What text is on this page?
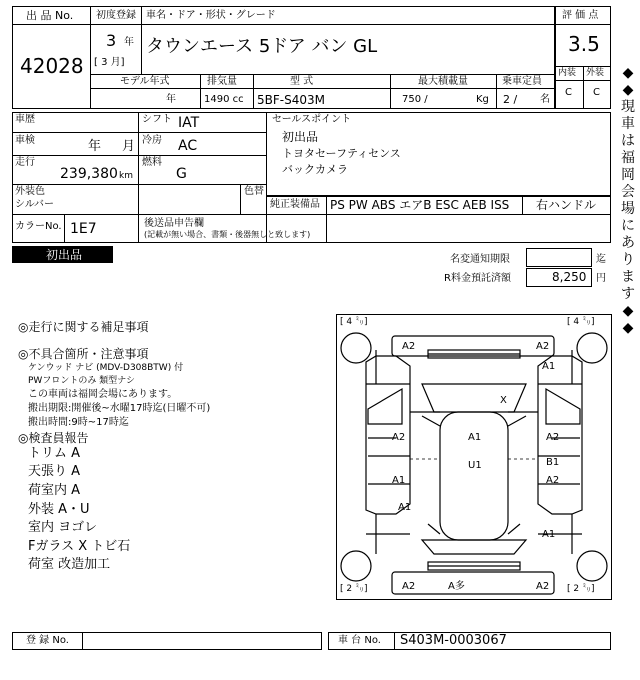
出 品 No.
42028
初度登録
3 年
[ 3 月]
車名・ドア・形状・グレード
タウンエース 5ドア バン GL
モデル年式
年
排気量
1490 cc
型 式
5BF-S403M
最大積載量
750 /	Kg
乗車定員
2 / 名
評 価 点
3.5
内装 外装
C C
◆◆ 現車は福岡会場にあります ◆◆
車歴	シフト IAT
車検	年 月 冷房 AC
走行
239,380 km
燃料
G
外装色
シルバー
色替
カラーNo. 1E7	後送品申告欄
(記載が無い場合、書類・後器無しと致します)
セールスポイント
初出品
トヨタセーフティセンス
バックカメラ
純正装備品 PS PW ABS エアB ESC AEB ISS 右ハンドル
初出品	名変通知期限	迄
R料金預託済額	8,250 円
◎走行に関する補足事項
◎不具合箇所・注意事項
ケンウッド ナビ (MDV-D308BTW) 付
PWフロントのみ 類型ナシ
この車両は福岡会場にあります。
搬出期限:開催後~水曜17時迄(日曜不可)
搬出時間:9時~17時迄
◎検査員報告
トリム A
天張り A
荷室内 A
外装 A・U
室内 ヨゴレ
Fガラス X トビ石
荷室 改造加工
[ 4 ㍉]	[ 4 ㍉]
[ 2 ㍉]	[ 2 ㍉]
A2	A2
A1
X
A2	A1	A2
U1	B1
A1	A2
A1
A1
A2	A多	A2
登 録 No.	車 台 No. S403M-0003067
